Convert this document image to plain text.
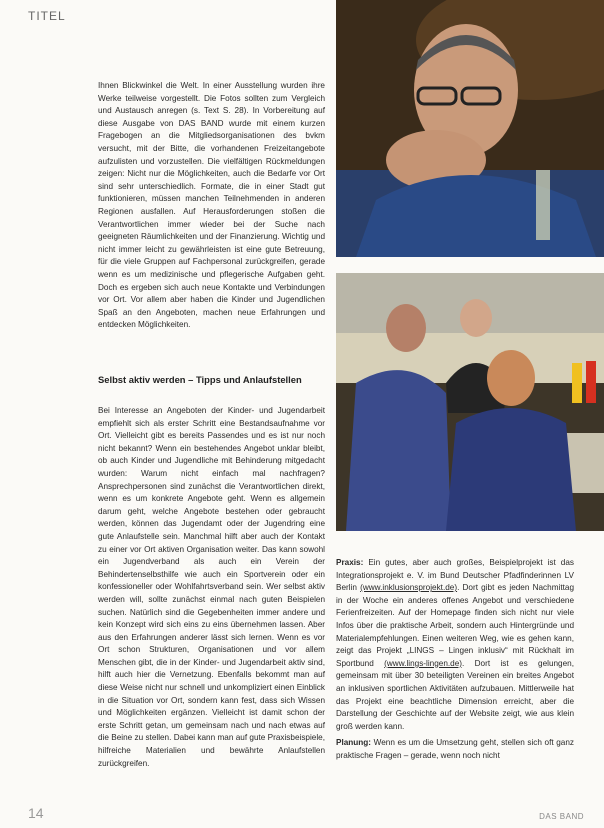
TITEL

Ihnen Blickwinkel die Welt. In einer Ausstellung wurden ihre Werke teilweise vorgestellt. Die Fotos sollten zum Vergleich und Austausch anregen (s. Text S. 28). In Vorbereitung auf diese Ausgabe von DAS BAND wurde mit einem kurzen Fragebogen an die Mitgliedsorganisationen des bvkm versucht, mit der Bitte, die vorhandenen Freizeitangebote aufzulisten und vorzustellen. Die vielfältigen Rückmeldungen zeigen: Nicht nur die Möglichkeiten, auch die Bedarfe vor Ort sind sehr unterschiedlich. Formate, die in einer Stadt gut funktionieren, müssen manchen Teilnehmenden in anderen Regionen ausfallen. Auf Herausforderungen stoßen die Verantwortlichen immer wieder bei der Suche nach geeigneten Räumlichkeiten und der Finanzierung. Wichtig und nicht immer leicht zu gewährleisten ist eine gute Betreuung, für die viele Gruppen auf Fachpersonal zurückgreifen, gerade wenn es um medizinische und pflegerische Aufgaben geht. Doch es ergeben sich auch neue Kontakte und Verbindungen vor Ort. Vor allem aber haben die Kinder und Jugendlichen Spaß an den Angeboten, machen neue Erfahrungen und entdecken Möglichkeiten.

Selbst aktiv werden – Tipps und Anlaufstellen

Bei Interesse an Angeboten der Kinder- und Jugendarbeit empfiehlt sich als erster Schritt eine Bestandsaufnahme vor Ort. Vielleicht gibt es bereits Passendes und es ist nur noch nicht bekannt? Wenn ein bestehendes Angebot unklar bleibt, ob auch Kinder und Jugendliche mit Behinderung mitgedacht wurden: Warum nicht einfach mal nachfragen? Ansprechpersonen sind zunächst die Verantwortlichen direkt, wenn es um konkrete Angebote geht. Wenn es allgemein darum geht, welche Angebote bestehen oder gebraucht werden, können das Jugendamt oder der Jugendring eine gute Anlaufstelle sein. Manchmal hilft aber auch der Kontakt zu einer vor Ort aktiven Organisation weiter. Das kann sowohl ein Jugendverband als auch ein Verein der Behindertenselbsthilfe wie auch ein Sportverein oder ein konfessioneller oder Wohlfahrtsverband sein. Wer selbst aktiv werden will, sollte zunächst einmal nach guten Beispielen suchen. Natürlich sind die Gegebenheiten immer andere und kein Konzept wird sich eins zu eins übernehmen lassen. Aber aus den Erfahrungen anderer lässt sich lernen. Wenn es vor Ort schon Strukturen, Organisationen und vor allem Menschen gibt, die in der Kinder- und Jugendarbeit aktiv sind, hilft auch hier die Vernetzung. Ebenfalls bekommt man auf diese Weise nicht nur schnell und unkompliziert einen Einblick in die Situation vor Ort, sondern kann fest, dass sich Wissen und Möglichkeiten ergänzen. Vielleicht ist damit schon der erste Schritt getan, um gemeinsam nach und nach etwas auf die Beine zu stellen. Dabei kann man auf gute Praxisbeispiele, hilfreiche Materialien und bewährte Anlaufstellen zurückgreifen.

Praxis: Ein gutes, aber auch großes, Beispielprojekt ist das Integrationsprojekt e. V. im Bund Deutscher Pfadfinderinnen LV Berlin (www.inklusionsprojekt.de). Dort gibt es jeden Nachmittag in der Woche ein anderes offenes Angebot und verschiedene Ferienfreizeiten. Auf der Homepage finden sich nicht nur viele Infos über die praktische Arbeit, sondern auch Hintergründe und Materialempfehlungen. Einen weiteren Weg, wie es gehen kann, zeigt das Projekt „LINGS – Lingen inklusiv“ mit Rückhalt im Sportbund (www.lings-lingen.de). Dort ist es gelungen, gemeinsam mit über 30 beteiligten Vereinen ein breites Angebot an inklusiven sportlichen Aktivitäten aufzubauen. Mittlerweile hat das Projekt eine beachtliche Dimension erreicht, aber die Darstellung der Geschichte auf der Website zeigt, wie aus klein groß werden kann.

Planung: Wenn es um die Umsetzung geht, stellen sich oft ganz praktische Fragen – gerade, wenn noch nicht

14	DAS BAND
